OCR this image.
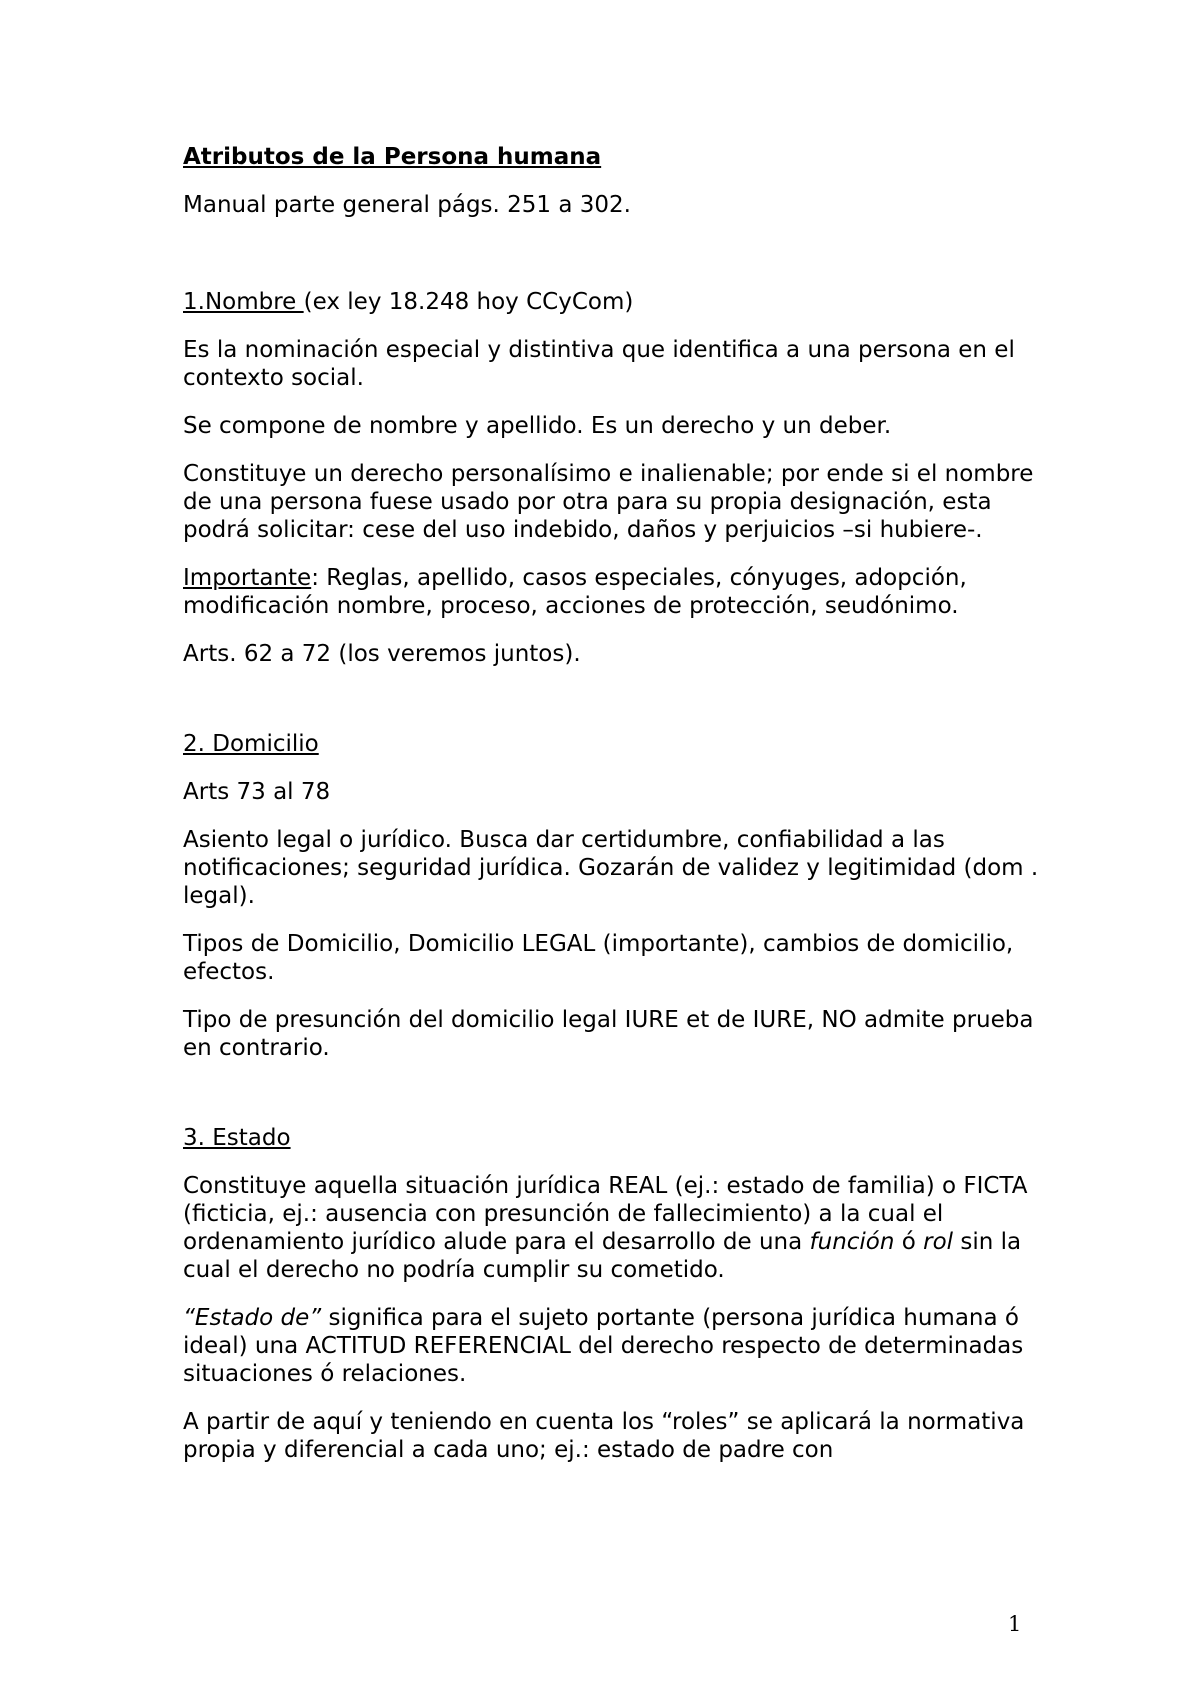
Atributos de la Persona humana

Manual parte general págs. 251 a 302.

1.Nombre (ex ley 18.248 hoy CCyCom)

Es la nominación especial y distintiva que identifica a una persona en el contexto social.

Se compone de nombre y apellido. Es un derecho y un deber.

Constituye un derecho personalísimo e inalienable; por ende si el nombre de una persona fuese usado por otra para su propia designación, esta podrá solicitar: cese del uso indebido, daños y perjuicios –si hubiere-.

Importante: Reglas, apellido, casos especiales, cónyuges, adopción, modificación nombre, proceso, acciones de protección, seudónimo.

Arts. 62 a 72 (los veremos juntos).

2. Domicilio

Arts 73 al 78

Asiento legal o jurídico. Busca dar certidumbre, confiabilidad a las notificaciones; seguridad jurídica. Gozarán de validez y legitimidad (dom . legal).

Tipos de Domicilio, Domicilio LEGAL (importante), cambios de domicilio, efectos.

Tipo de presunción del domicilio legal IURE et de IURE, NO admite prueba en contrario.

3. Estado

Constituye aquella situación jurídica REAL (ej.: estado de familia) o FICTA (ficticia, ej.: ausencia con presunción de fallecimiento) a la cual el ordenamiento jurídico alude para el desarrollo de una función ó rol sin la cual el derecho no podría cumplir su cometido.

“Estado de” significa para el sujeto portante (persona jurídica humana ó ideal) una ACTITUD REFERENCIAL del derecho respecto de determinadas situaciones ó relaciones.

A partir de aquí y teniendo en cuenta los “roles” se aplicará la normativa propia y diferencial a cada uno; ej.: estado de padre con

1
